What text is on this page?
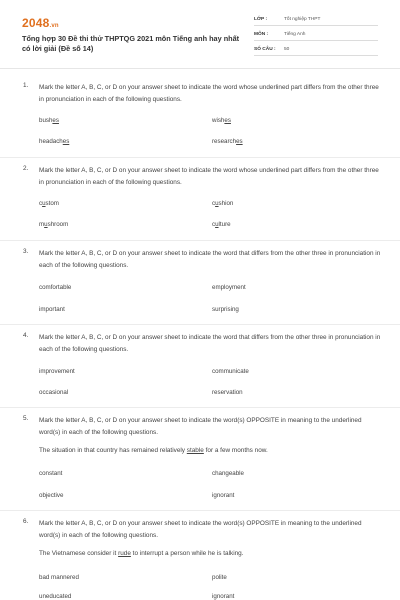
2048.vn
Tổng hợp 30 Đề thi thử THPTQG 2021 môn Tiếng anh hay nhất có lời giải (Đề số 14)
LỚP :	Tốt nghiệp THPT
MÔN :	Tiếng Anh
SỐ CÂU : 50
1. Mark the letter A, B, C, or D on your answer sheet to indicate the word whose underlined part differs from the other three in pronunciation in each of the following questions.
bushes	wishes
headaches	researches
2. Mark the letter A, B, C, or D on your answer sheet to indicate the word whose underlined part differs from the other three in pronunciation in each of the following questions.
custom	cushion
mushroom	culture
3. Mark the letter A, B, C, or D on your answer sheet to indicate the word that differs from the other three in pronunciation in each of the following questions.
comfortable	employment
important	surprising
4. Mark the letter A, B, C, or D on your answer sheet to indicate the word that differs from the other three in pronunciation in each of the following questions.
improvement	communicate
occasional	reservation
5. Mark the letter A, B, C, or D on your answer sheet to indicate the word(s) OPPOSITE in meaning to the underlined word(s) in each of the following questions.
The situation in that country has remained relatively stable for a few months now.
constant	changeable
objective	ignorant
6. Mark the letter A, B, C, or D on your answer sheet to indicate the word(s) OPPOSITE in meaning to the underlined word(s) in each of the following questions.
The Vietnamese consider it rude to interrupt a person while he is talking.
bad mannered	polite
uneducated	ignorant
